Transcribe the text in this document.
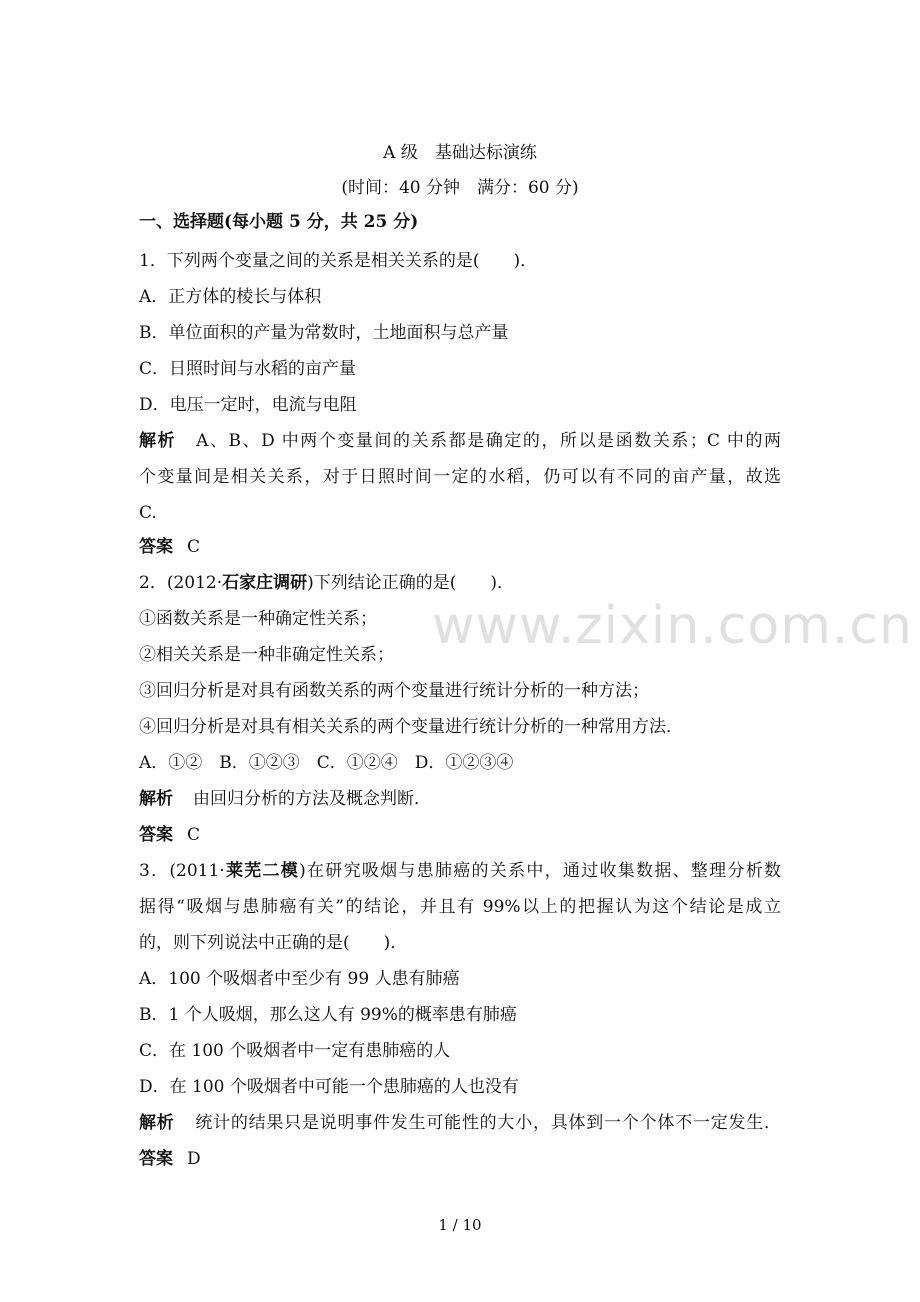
A 级　基础达标演练
(时间：40 分钟　满分：60 分)
一、选择题(每小题 5 分，共 25 分)
1．下列两个变量之间的关系是相关关系的是(　　)．
A．正方体的棱长与体积
B．单位面积的产量为常数时，土地面积与总产量
C．日照时间与水稻的亩产量
D．电压一定时，电流与电阻
解析 A、B、D 中两个变量间的关系都是确定的，所以是函数关系；C 中的两
个变量间是相关关系，对于日照时间一定的水稻，仍可以有不同的亩产量，故选
C.
答案 C
2．(2012·石家庄调研)下列结论正确的是(　　)．
①函数关系是一种确定性关系；
②相关关系是一种非确定性关系；
③回归分析是对具有函数关系的两个变量进行统计分析的一种方法；
④回归分析是对具有相关关系的两个变量进行统计分析的一种常用方法．
A．①②　B．①②③　C．①②④　D．①②③④
解析 由回归分析的方法及概念判断．
答案 C
3．(2011·莱芜二模)在研究吸烟与患肺癌的关系中，通过收集数据、整理分析数
据得“吸烟与患肺癌有关”的结论，并且有 99%以上的把握认为这个结论是成立
的，则下列说法中正确的是(　　)．
A．100 个吸烟者中至少有 99 人患有肺癌
B．1 个人吸烟，那么这人有 99%的概率患有肺癌
C．在 100 个吸烟者中一定有患肺癌的人
D．在 100 个吸烟者中可能一个患肺癌的人也没有
解析 统计的结果只是说明事件发生可能性的大小，具体到一个个体不一定发生．
答案 D
www.zixin.com.cn
1 / 10
